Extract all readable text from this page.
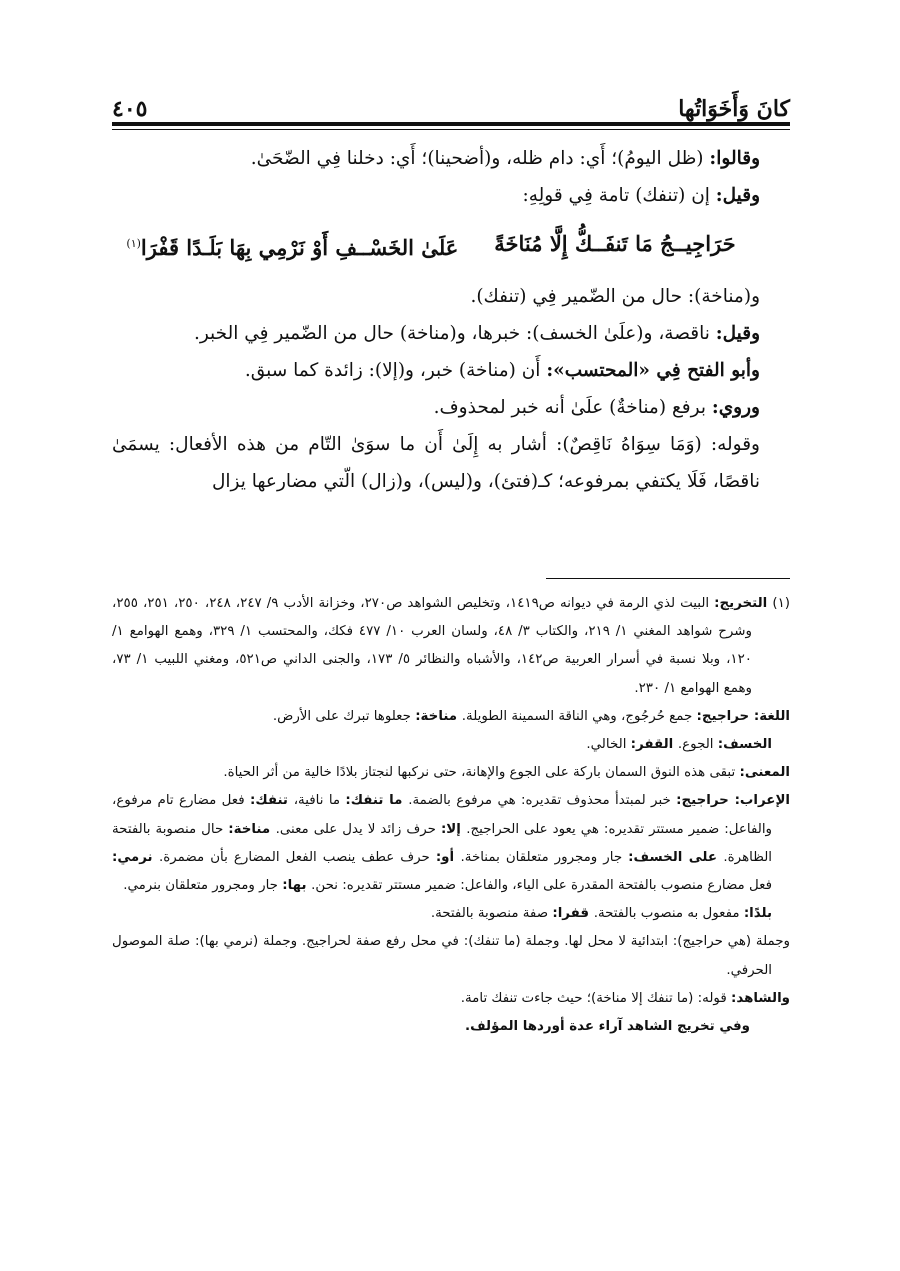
كانَ وَأَخَوَاتُها
٤٠٥

وقالوا: (ظل اليومُ)؛ أَي: دام ظله، و(أضحينا)؛ أَي: دخلنا فِي الضّحَىٰ.

وقيل: إن (تنفك) تامة فِي قولِهِ:

حَرَاجِيــجُ مَا تَنفَــكُّ إِلَّا مُنَاخَةً
عَلَىٰ الخَسْــفِ أَوْ نَرْمِي بِهَا بَلَـدًا قَفْرَا$^{(١)}$

و(مناخة): حال من الضّمير فِي (تنفك).

وقيل: ناقصة، و(علَىٰ الخسف): خبرها، و(مناخة) حال من الضّمير فِي الخبر.

وأبو الفتح فِي «المحتسب»: أَن (مناخة) خبر، و(إلا): زائدة كما سبق.

وروي: برفع (مناخةٌ) علَىٰ أنه خبر لمحذوف.

وقوله: (وَمَا سِوَاهُ نَاقِصٌ): أشار به إِلَىٰ أَن ما سوَىٰ التّام من هذه الأفعال: يسمَىٰ ناقصًا، فَلَا يكتفي بمرفوعه؛ كـ(فتئ)، و(ليس)، و(زال) الّتي مضارعها يزال

(١) التخريج: البيت لذي الرمة في ديوانه ص١٤١٩، وتخليص الشواهد ص٢٧٠، وخزانة الأدب ٩/ ٢٤٧، ٢٤٨، ٢٥٠، ٢٥١، ٢٥٥، وشرح شواهد المغني ١/ ٢١٩، والكتاب ٣/ ٤٨، ولسان العرب ١٠/ ٤٧٧ فكك، والمحتسب ١/ ٣٢٩، وهمع الهوامع ١/ ١٢٠، وبلا نسبة في أسرار العربية ص١٤٢، والأشباه والنظائر ٥/ ١٧٣، والجنى الداني ص٥٢١، ومغني اللبيب ١/ ٧٣، وهمع الهوامع ١/ ٢٣٠.

اللغة: حراجيج: جمع حُرجُوج، وهي الناقة السمينة الطويلة. مناخة: جعلوها تبرك على الأرض.
الخسف: الجوع. القفر: الخالي.

المعنى: تبقى هذه النوق السمان باركة على الجوع والإهانة، حتى نركبها لنجتاز بلادًا خالية من أثر الحياة.

الإعراب: حراجيج: خبر لمبتدأ محذوف تقديره: هي مرفوع بالضمة. ما تنفك: ما نافية، تنفك: فعل مضارع تام مرفوع، والفاعل: ضمير مستتر تقديره: هي يعود على الحراجيج. إلا: حرف زائد لا يدل على معنى. مناخة: حال منصوبة بالفتحة الظاهرة. على الخسف: جار ومجرور متعلقان بمناخة. أو: حرف عطف ينصب الفعل المضارع بأن مضمرة. نرمي: فعل مضارع منصوب بالفتحة المقدرة على الياء، والفاعل: ضمير مستتر تقديره: نحن. بها: جار ومجرور متعلقان بنرمي.
بلدًا: مفعول به منصوب بالفتحة. قفرا: صفة منصوبة بالفتحة.

وجملة (هي حراجيج): ابتدائية لا محل لها. وجملة (ما تنفك): في محل رفع صفة لحراجيج. وجملة (نرمي بها): صلة الموصول الحرفي.

والشاهد: قوله: (ما تنفك إلا مناخة)؛ حيث جاءت تنفك تامة.

وفي تخريج الشاهد آراء عدة أوردها المؤلف.
